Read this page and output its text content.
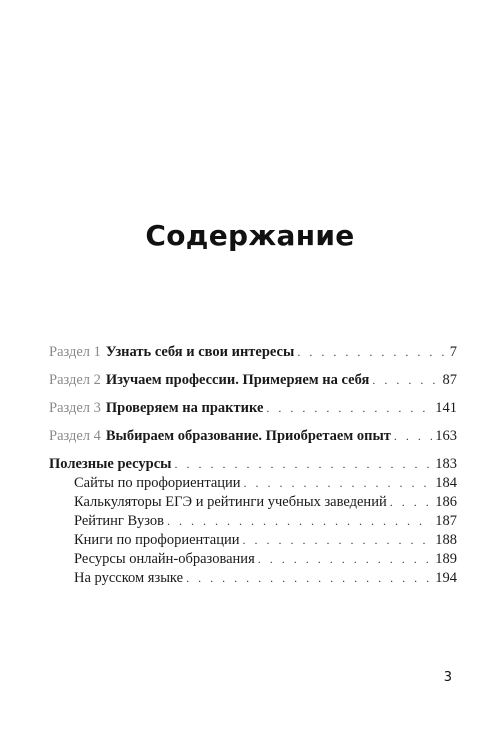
Содержание
Раздел 1 Узнать себя и свои интересы . . .	7
Раздел 2 Изучаем профессии. Примеряем на себя . . .	87
Раздел 3 Проверяем на практике . . .	141
Раздел 4 Выбираем образование. Приобретаем опыт . . .	163
Полезные ресурсы . . .	183
Сайты по профориентации . . .	184
Калькуляторы ЕГЭ и рейтинги учебных заведений . . .	186
Рейтинг Вузов . . .	187
Книги по профориентации . . .	188
Ресурсы онлайн-образования . . .	189
На русском языке . . .	194
3
